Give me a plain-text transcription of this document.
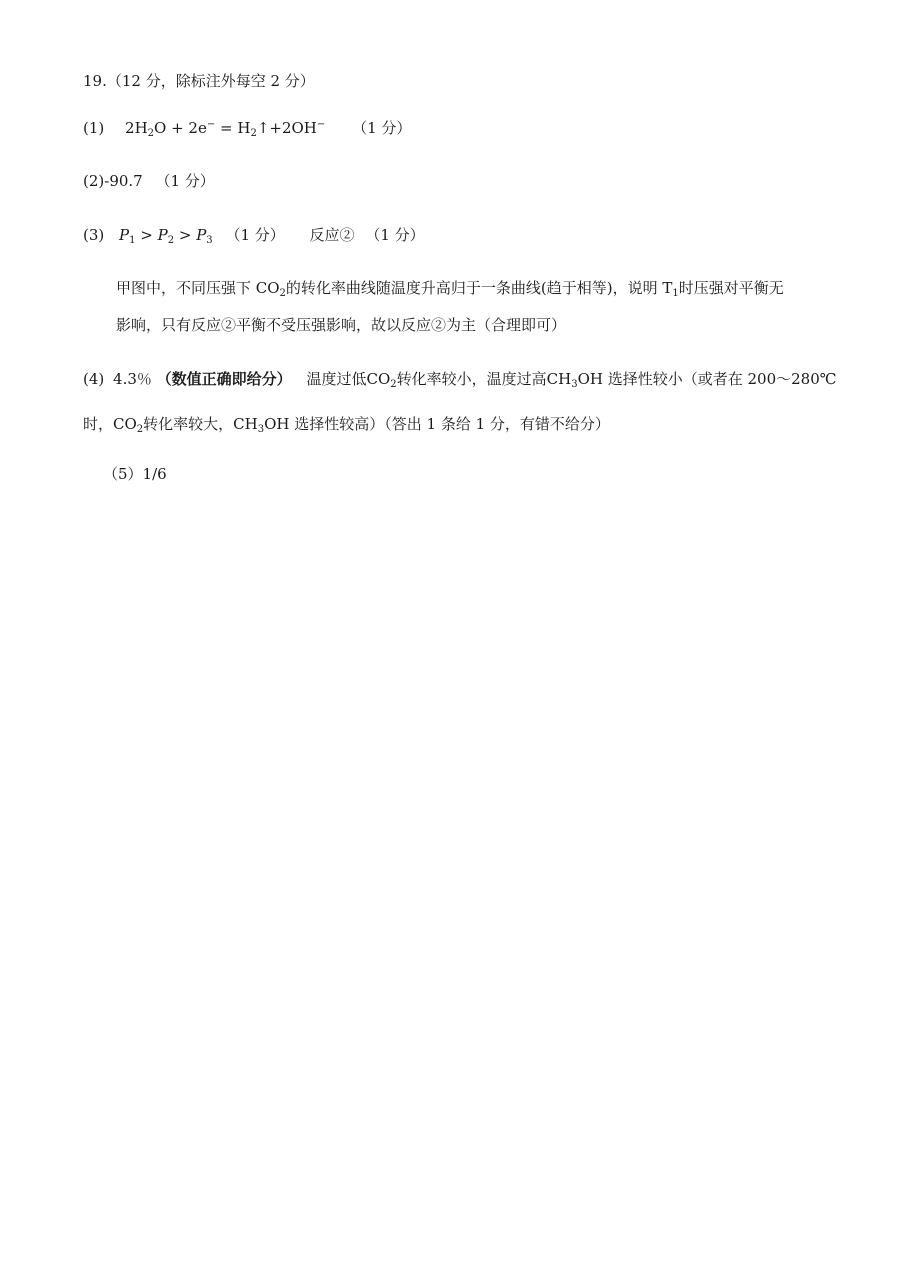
19.（12 分，除标注外每空 2 分）
(1) $2H_2O + 2e^-$ = $H_2↑+2OH^-$ （1 分）
(2)-90.7 （1 分）
(3) $P_1 > P_2 > P_3$ （1 分） 反应② （1 分）
甲图中，不同压强下 $CO_2$的转化率曲线随温度升高归于一条曲线(趋于相等)，说明 $T_1$时压强对平衡无
影响，只有反应②平衡不受压强影响，故以反应②为主（合理即可）
(4) 4.3％ （数值正确即给分） 温度过低$CO_2$转化率较小，温度过高$CH_3OH$ 选择性较小（或者在 200～280℃
时，$CO_2$转化率较大，$CH_3OH$ 选择性较高）（答出 1 条给 1 分，有错不给分）
（5）1/6
